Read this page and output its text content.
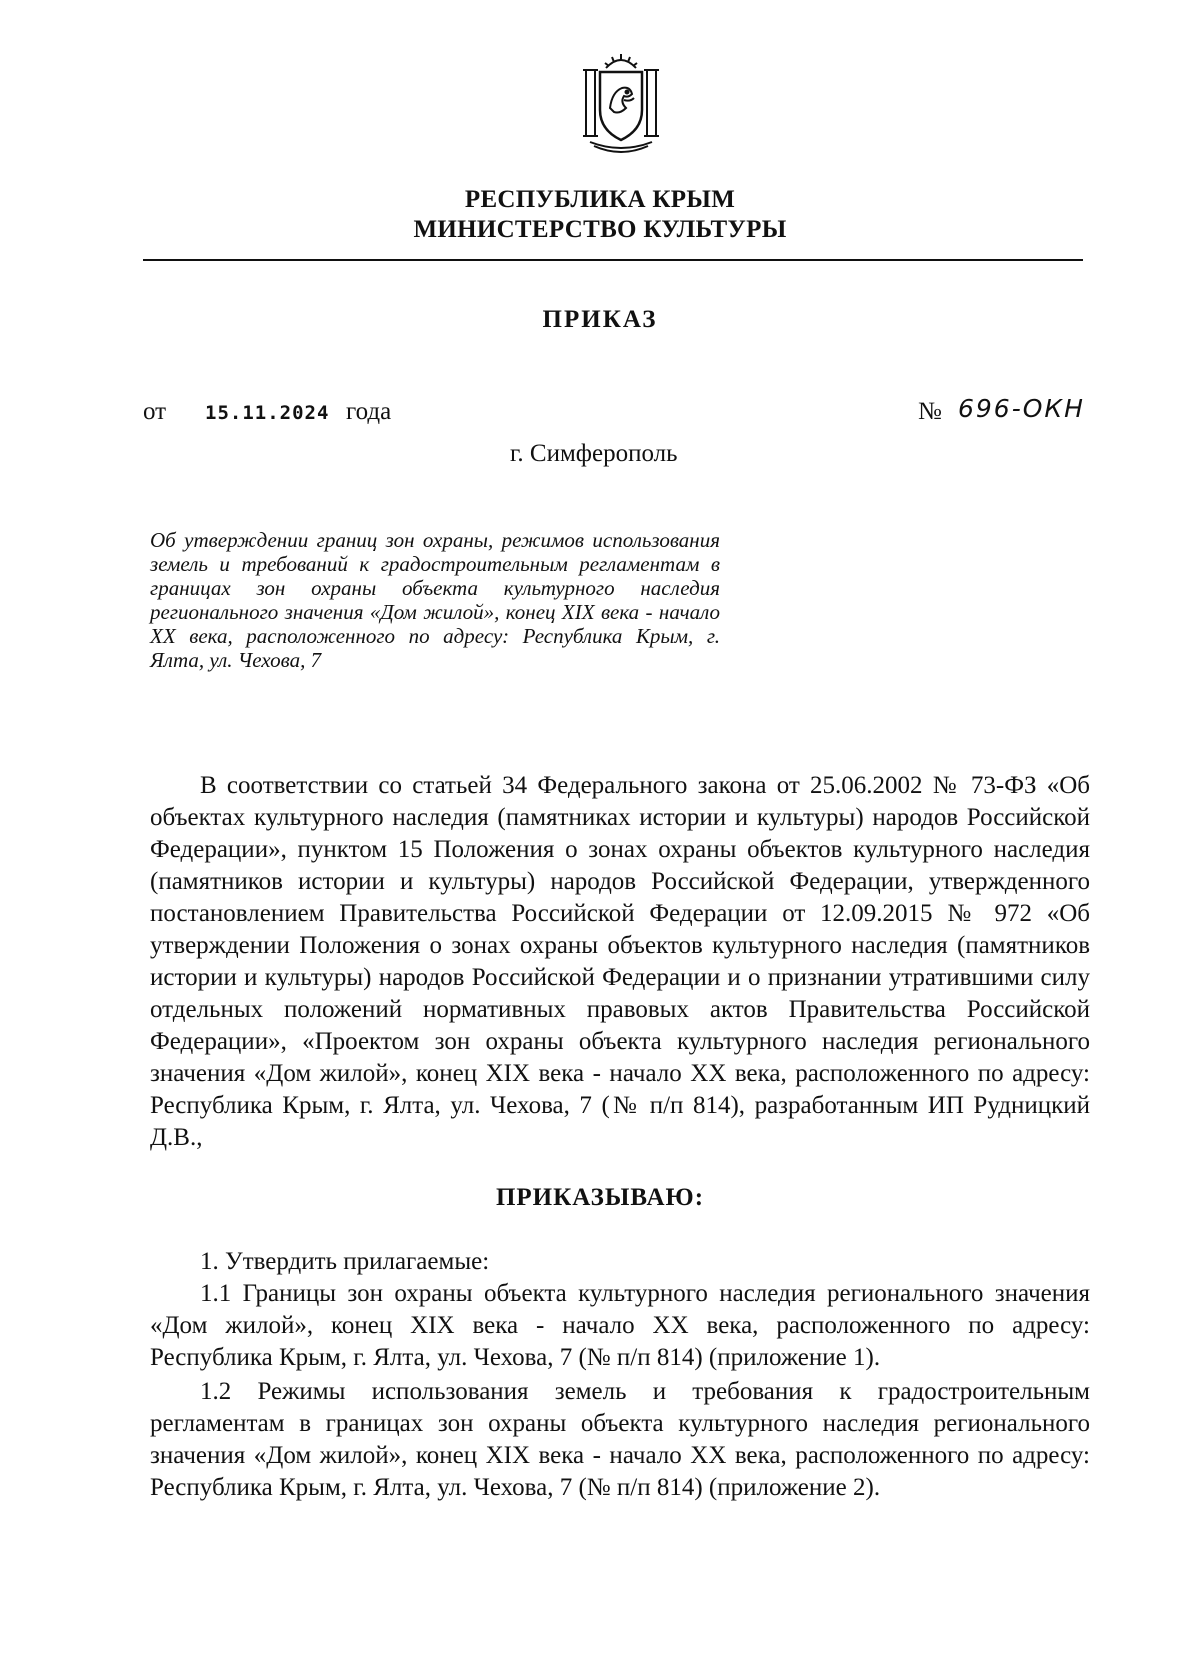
РЕСПУБЛИКА КРЫМ
МИНИСТЕРСТВО КУЛЬТУРЫ
ПРИКАЗ
от 15.11.2024 года	№ 696-ОКН
г. Симферополь

Об утверждении границ зон охраны, режимов использования земель и требований к градостроительным регламентам в границах зон охраны объекта культурного наследия регионального значения «Дом жилой», конец XIX века - начало XX века, расположенного по адресу: Республика Крым, г. Ялта, ул. Чехова, 7

В соответствии со статьей 34 Федерального закона от 25.06.2002 № 73-ФЗ «Об объектах культурного наследия (памятниках истории и культуры) народов Российской Федерации», пунктом 15 Положения о зонах охраны объектов культурного наследия (памятников истории и культуры) народов Российской Федерации, утвержденного постановлением Правительства Российской Федерации от 12.09.2015 № 972 «Об утверждении Положения о зонах охраны объектов культурного наследия (памятников истории и культуры) народов Российской Федерации и о признании утратившими силу отдельных положений нормативных правовых актов Правительства Российской Федерации», «Проектом зон охраны объекта культурного наследия регионального значения «Дом жилой», конец XIX века - начало XX века, расположенного по адресу: Республика Крым, г. Ялта, ул. Чехова, 7 (№ п/п 814), разработанным ИП Рудницкий Д.В.,

ПРИКАЗЫВАЮ:

1. Утвердить прилагаемые:

1.1 Границы зон охраны объекта культурного наследия регионального значения «Дом жилой», конец XIX века - начало XX века, расположенного по адресу: Республика Крым, г. Ялта, ул. Чехова, 7 (№ п/п 814) (приложение 1).

1.2 Режимы использования земель и требования к градостроительным регламентам в границах зон охраны объекта культурного наследия регионального значения «Дом жилой», конец XIX века - начало XX века, расположенного по адресу: Республика Крым, г. Ялта, ул. Чехова, 7 (№ п/п 814) (приложение 2).
